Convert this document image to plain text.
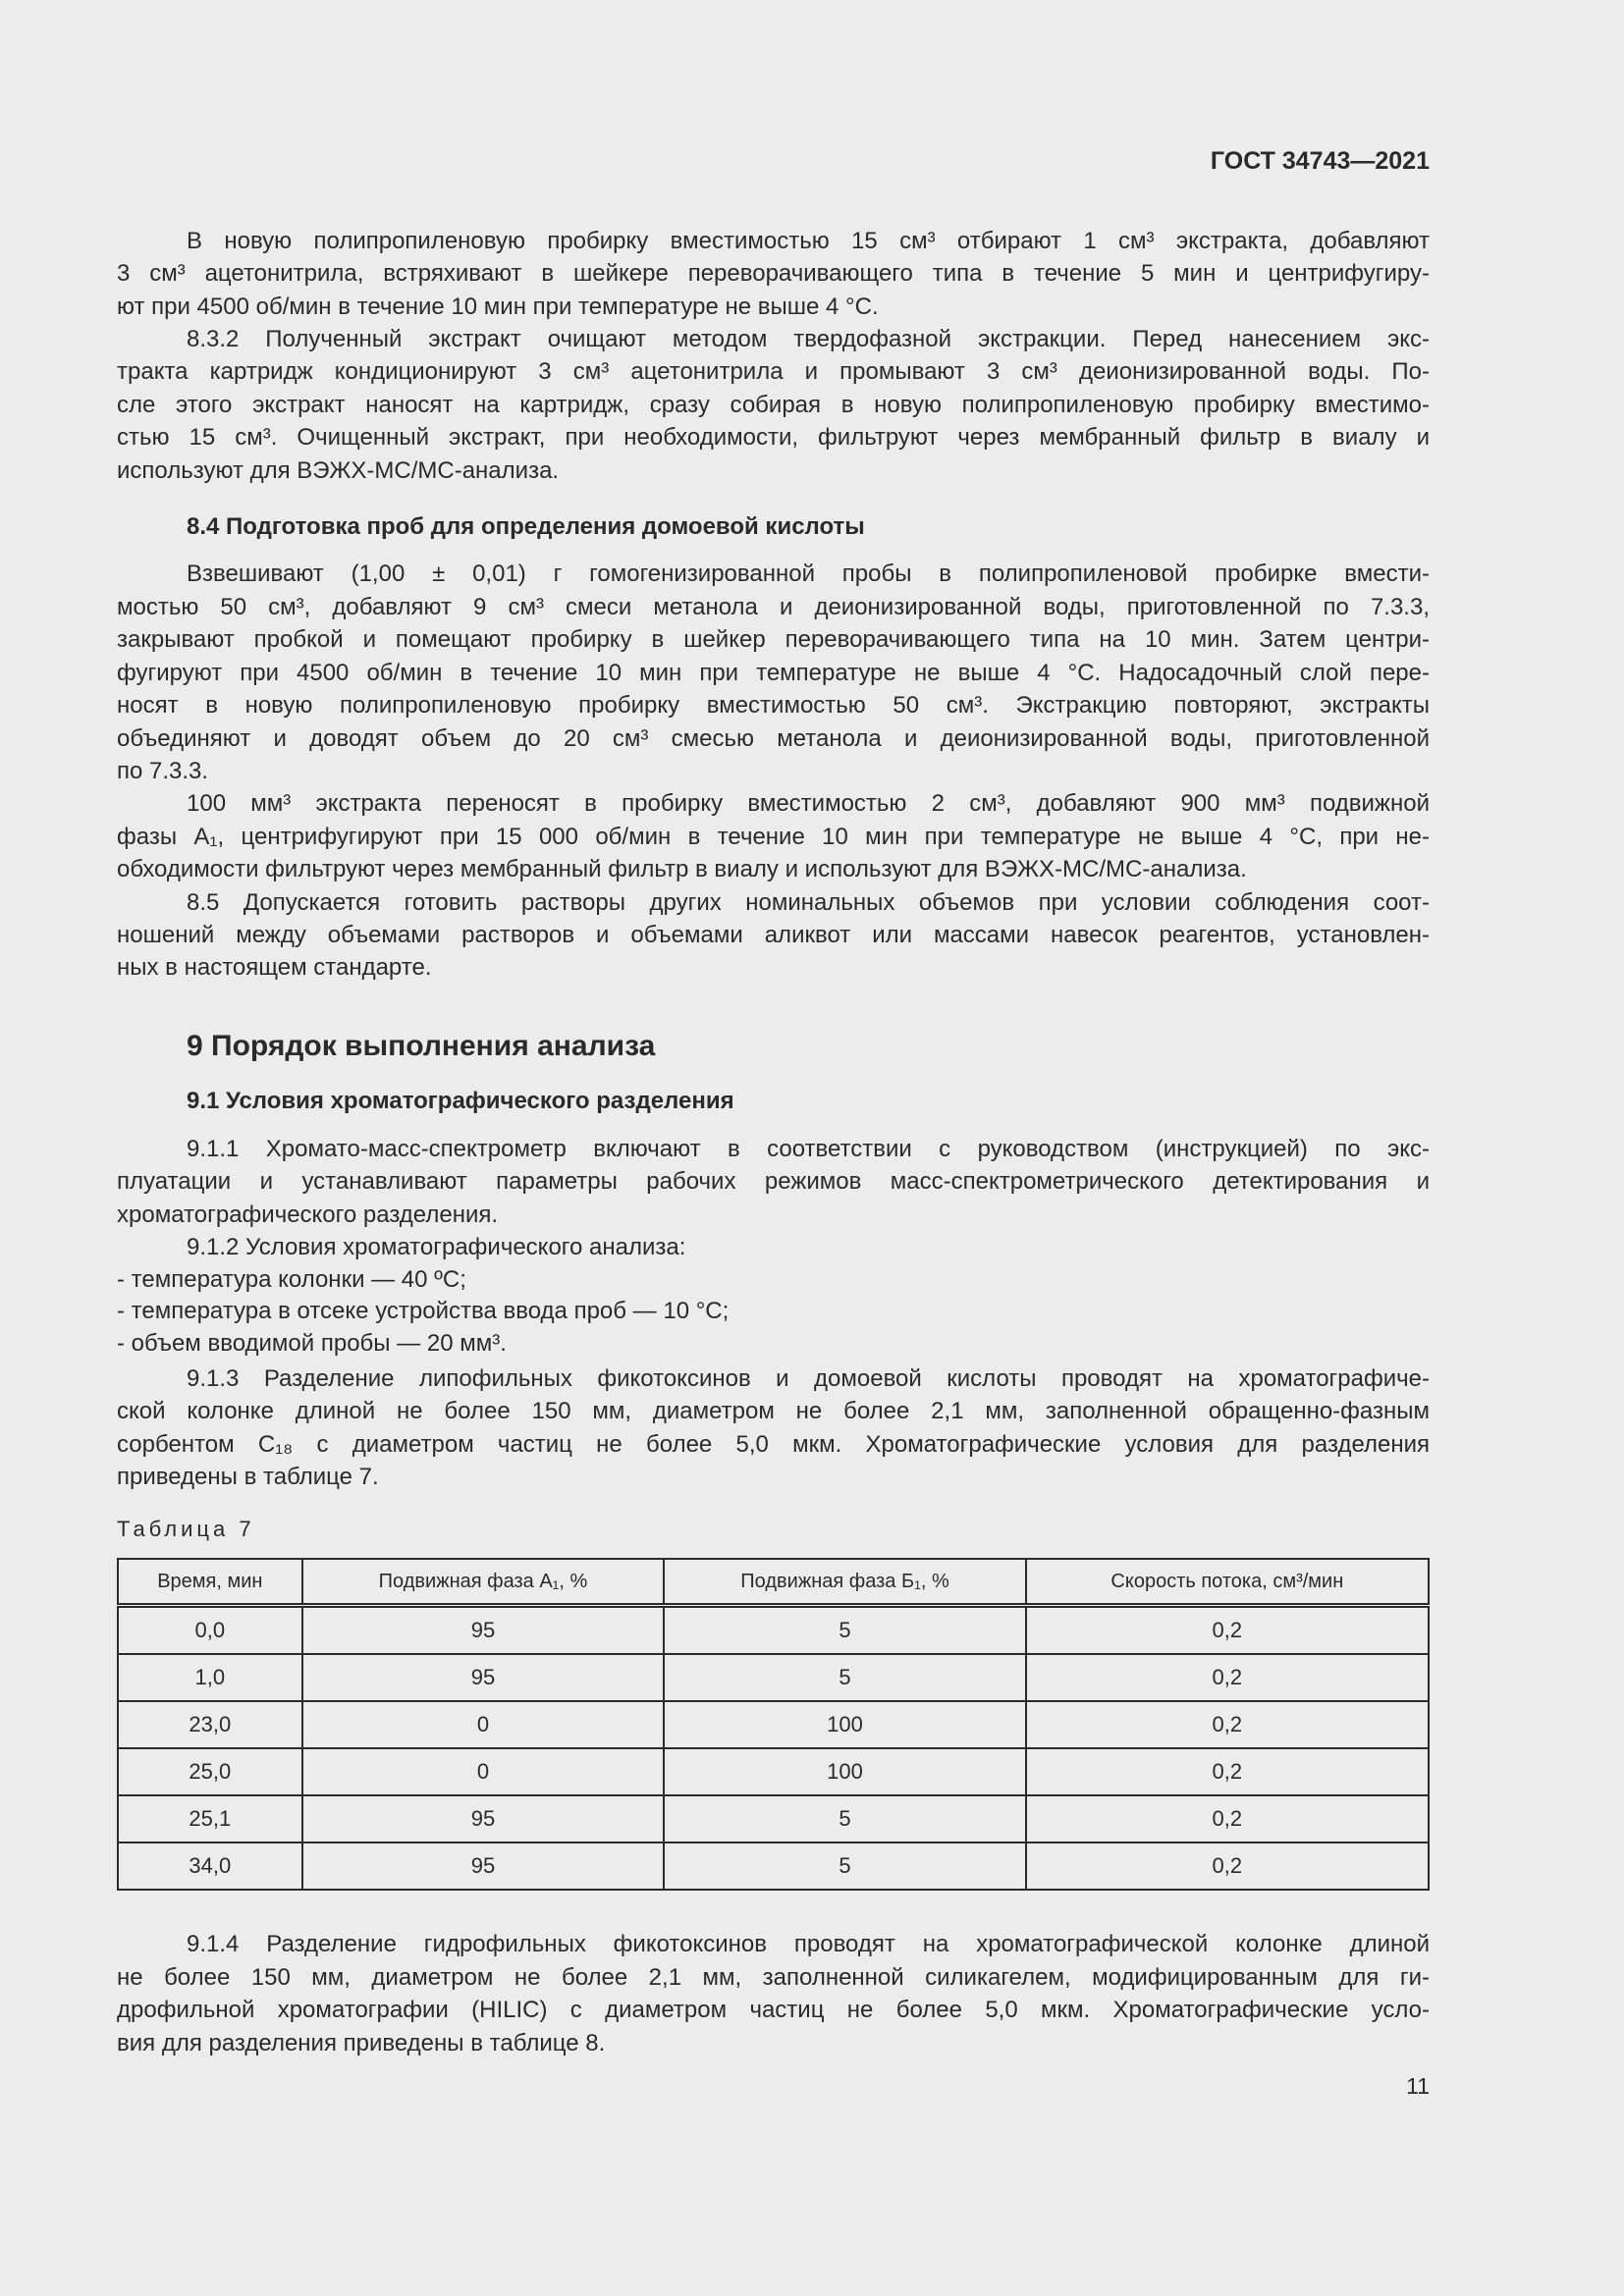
ГОСТ 34743—2021
В новую полипропиленовую пробирку вместимостью 15 см³ отбирают 1 см³ экстракта, добавляют
3 см³ ацетонитрила, встряхивают в шейкере переворачивающего типа в течение 5 мин и центрифугиру-
ют при 4500 об/мин в течение 10 мин при температуре не выше 4 °С.
8.3.2 Полученный экстракт очищают методом твердофазной экстракции. Перед нанесением экс-
тракта картридж кондиционируют 3 см³ ацетонитрила и промывают 3 см³ деионизированной воды. По-
сле этого экстракт наносят на картридж, сразу собирая в новую полипропиленовую пробирку вместимо-
стью 15 см³. Очищенный экстракт, при необходимости, фильтруют через мембранный фильтр в виалу и
используют для ВЭЖХ-МС/МС-анализа.
8.4 Подготовка проб для определения домоевой кислоты
Взвешивают (1,00 ± 0,01) г гомогенизированной пробы в полипропиленовой пробирке вмести-
мостью 50 см³, добавляют 9 см³ смеси метанола и деионизированной воды, приготовленной по 7.3.3,
закрывают пробкой и помещают пробирку в шейкер переворачивающего типа на 10 мин. Затем центри-
фугируют при 4500 об/мин в течение 10 мин при температуре не выше 4 °С. Надосадочный слой пере-
носят в новую полипропиленовую пробирку вместимостью 50 см³. Экстракцию повторяют, экстракты
объединяют и доводят объем до 20 см³ смесью метанола и деионизированной воды, приготовленной
по 7.3.3.
100 мм³ экстракта переносят в пробирку вместимостью 2 см³, добавляют 900 мм³ подвижной
фазы А₁, центрифугируют при 15 000 об/мин в течение 10 мин при температуре не выше 4 °С, при не-
обходимости фильтруют через мембранный фильтр в виалу и используют для ВЭЖХ-МС/МС-анализа.
8.5 Допускается готовить растворы других номинальных объемов при условии соблюдения соот-
ношений между объемами растворов и объемами аликвот или массами навесок реагентов, установлен-
ных в настоящем стандарте.
9 Порядок выполнения анализа
9.1 Условия хроматографического разделения
9.1.1 Хромато-масс-спектрометр включают в соответствии с руководством (инструкцией) по экс-
плуатации и устанавливают параметры рабочих режимов масс-спектрометрического детектирования и
хроматографического разделения.
9.1.2 Условия хроматографического анализа:
- температура колонки — 40 ºС;
- температура в отсеке устройства ввода проб — 10 °С;
- объем вводимой пробы — 20 мм³.
9.1.3 Разделение липофильных фикотоксинов и домоевой кислоты проводят на хроматографиче-
ской колонке длиной не более 150 мм, диаметром не более 2,1 мм, заполненной обращенно-фазным
сорбентом C₁₈ с диаметром частиц не более 5,0 мкм. Хроматографические условия для разделения
приведены в таблице 7.
9.1.4 Разделение гидрофильных фикотоксинов проводят на хроматографической колонке длиной
не более 150 мм, диаметром не более 2,1 мм, заполненной силикагелем, модифицированным для ги-
дрофильной хроматографии (HILIC) с диаметром частиц не более 5,0 мкм. Хроматографические усло-
вия для разделения приведены в таблице 8.
Таблица 7
Время, мин	Подвижная фаза А₁, %	Подвижная фаза Б₁, %	Скорость потока, см³/мин
0,0	95	5	0,2
1,0	95	5	0,2
23,0	0	100	0,2
25,0	0	100	0,2
25,1	95	5	0,2
34,0	95	5	0,2
11
